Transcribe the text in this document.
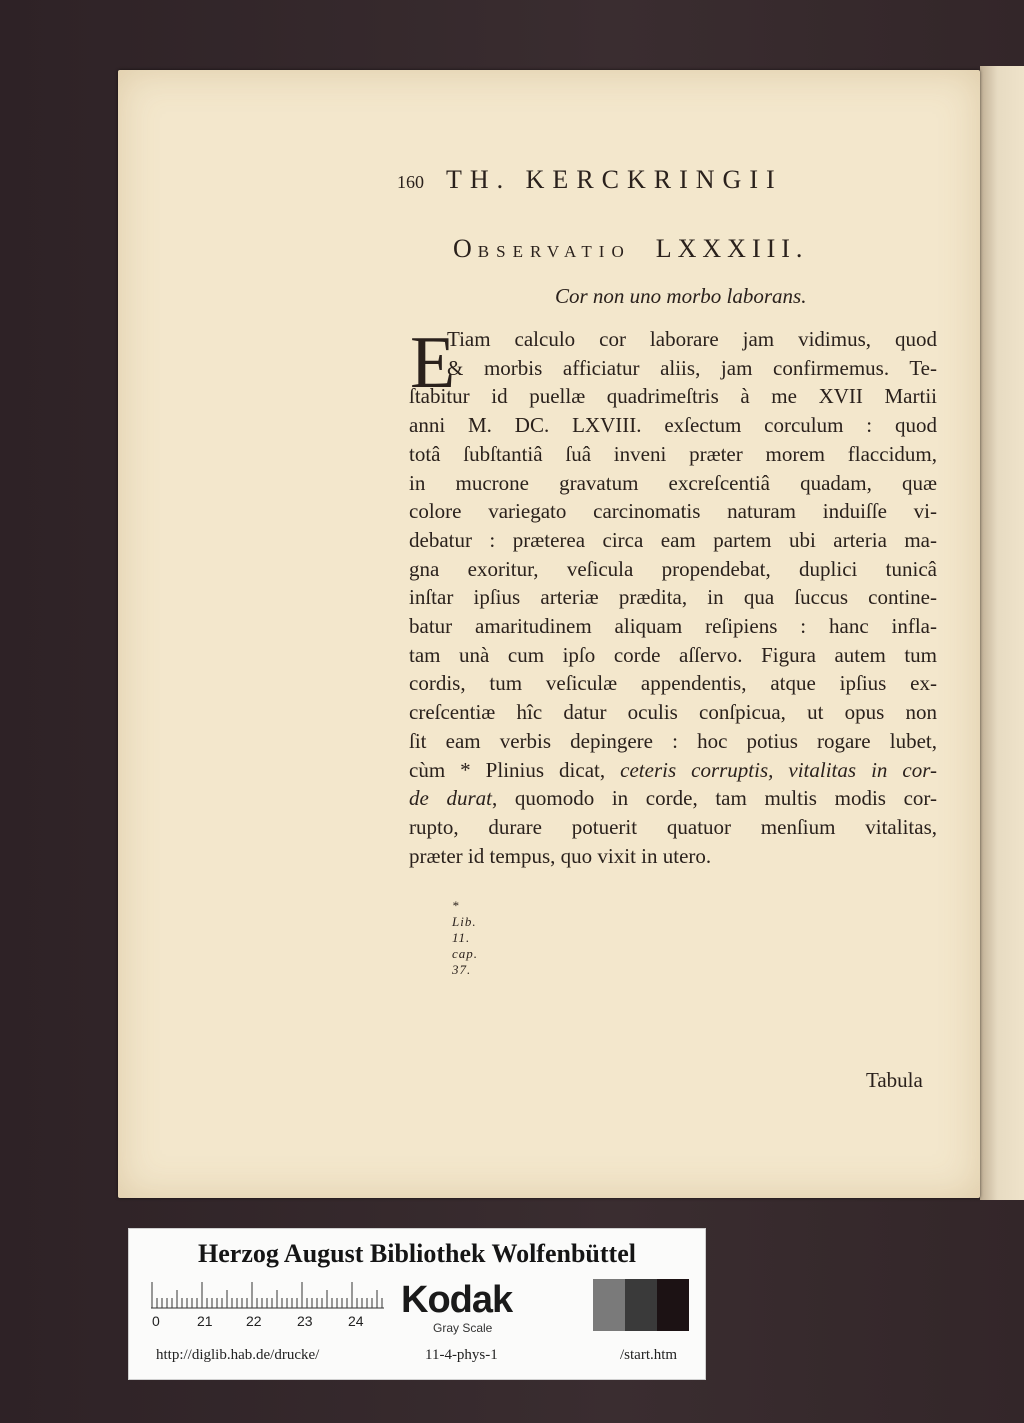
160 TH. KERCKRINGII
OBSERVATIO LXXXIII.
Cor non uno morbo laborans.
E
Tiam calculo cor laborare jam vidimus, quod
& morbis afficiatur aliis, jam confirmemus. Te-
ſtabitur id puellæ quadrimeſtris à me XVII Martii
anni M. DC. LXVIII. exſectum corculum : quod
totâ ſubſtantiâ ſuâ inveni præter morem flaccidum,
in mucrone gravatum excreſcentiâ quadam, quæ
colore variegato carcinomatis naturam induiſſe vi-
debatur : præterea circa eam partem ubi arteria ma-
gna exoritur, veſicula propendebat, duplici tunicâ
inſtar ipſius arteriæ prædita, in qua ſuccus contine-
batur amaritudinem aliquam reſipiens : hanc infla-
tam unà cum ipſo corde aſſervo. Figura autem tum
cordis, tum veſiculæ appendentis, atque ipſius ex-
creſcentiæ hîc datur oculis conſpicua, ut opus non
ſit eam verbis depingere : hoc potius rogare lubet,
cùm * Plinius dicat, ceteris corruptis, vitalitas in cor-
de durat, quomodo in corde, tam multis modis cor-
rupto, durare potuerit quatuor menſium vitalitas,
præter id tempus, quo vixit in utero.
* Lib. 11. cap. 37.
Tabula
Herzog August Bibliothek Wolfenbüttel
0	21 22	23	24 Kodak
Gray Scale
http://diglib.hab.de/drucke/	11-4-phys-1	/start.htm
